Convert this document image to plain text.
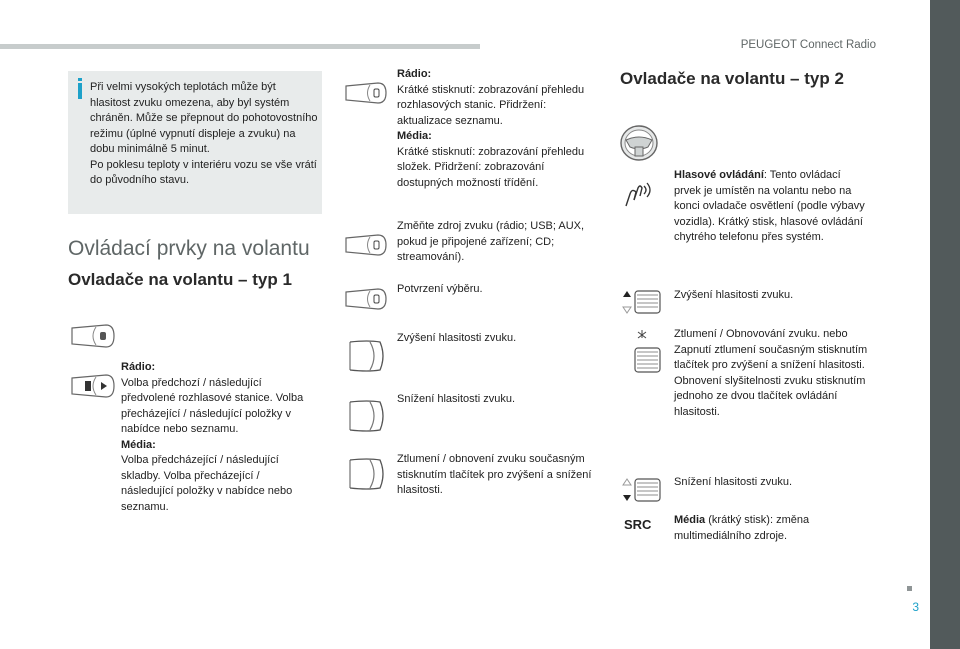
PEUGEOT Connect Radio
3
Při velmi vysokých teplotách může být hlasitost zvuku omezena, aby byl systém chráněn. Může se přepnout do pohotovostního režimu (úplné vypnutí displeje a zvuku) na dobu minimálně 5 minut.
Po poklesu teploty v interiéru vozu se vše vrátí do původního stavu.
Ovládací prvky na volantu
Ovladače na volantu – typ 1
Rádio:
Volba předchozí / následující předvolené rozhlasové stanice. Volba přecházející / následující položky v nabídce nebo seznamu.
Média:
Volba předcházející / následující skladby. Volba přecházející / následující položky v nabídce nebo seznamu.
Rádio:
Krátké stisknutí: zobrazování přehledu rozhlasových stanic. Přidržení: aktualizace seznamu.
Média:
Krátké stisknutí: zobrazování přehledu složek. Přidržení: zobrazování dostupných možností třídění.
Změňte zdroj zvuku (rádio; USB; AUX, pokud je připojené zařízení; CD; streamování).
Potvrzení výběru.
Zvýšení hlasitosti zvuku.
Snížení hlasitosti zvuku.
Ztlumení / obnovení zvuku současným stisknutím tlačítek pro zvýšení a snížení hlasitosti.
Ovladače na volantu – typ 2
Hlasové ovládání: Tento ovládací prvek je umístěn na volantu nebo na konci ovladače osvětlení (podle výbavy vozidla). Krátký stisk, hlasové ovládání chytrého telefonu přes systém.
Zvýšení hlasitosti zvuku.
Ztlumení / Obnovování zvuku. nebo Zapnutí ztlumení současným stisknutím tlačítek pro zvýšení a snížení hlasitosti. Obnovení slyšitelnosti zvuku stisknutím jednoho ze dvou tlačítek ovládání hlasitosti.
Snížení hlasitosti zvuku.
SRC Média (krátký stisk): změna multimediálního zdroje.
